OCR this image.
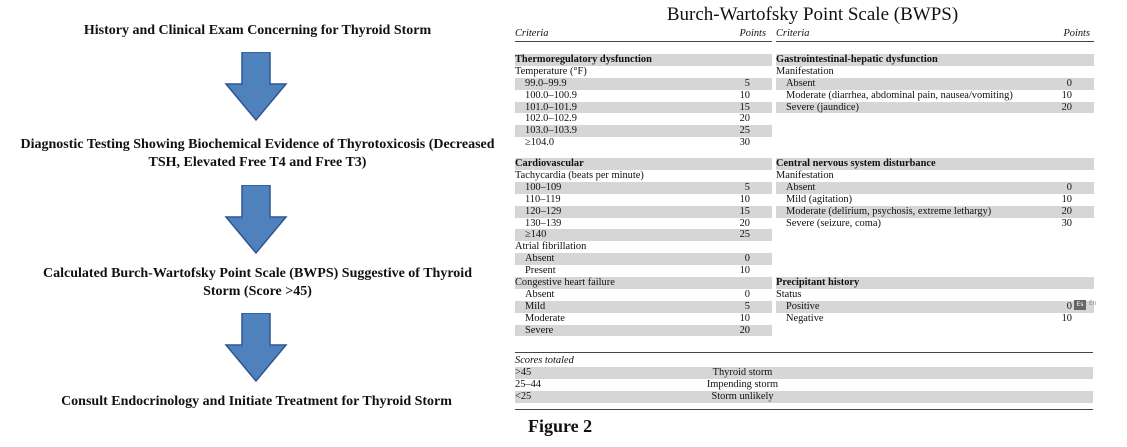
History and Clinical Exam Concerning for Thyroid Storm
Diagnostic Testing Showing Biochemical Evidence of Thyrotoxicosis (Decreased TSH, Elevated Free T4 and Free T3)
Calculated Burch-Wartofsky Point Scale (BWPS) Suggestive of Thyroid Storm (Score >45)
Consult Endocrinology and Initiate Treatment for Thyroid Storm
Burch-Wartofsky Point Scale (BWPS)
Criteria	Points
Thermoregulatory dysfunction
Temperature (°F)
99.0–99.9	5
100.0–100.9	10
101.0–101.9	15
102.0–102.9	20
103.0–103.9	25
≥104.0	30
Cardiovascular
Tachycardia (beats per minute)
100–109	5
110–119	10
120–129	15
130–139	20
≥140	25
Atrial fibrillation
Absent	0
Present	10
Congestive heart failure
Absent	0
Mild	5
Moderate	10
Severe	20
Criteria	Points
Gastrointestinal-hepatic dysfunction
Manifestation
Absent	0
Moderate (diarrhea, abdominal pain, nausea/vomiting)	10
Severe (jaundice)	20
Central nervous system disturbance
Manifestation
Absent	0
Mild (agitation)	10
Moderate (delirium, psychosis, extreme lethargy)	20
Severe (seizure, coma)	30
Precipitant history
Status
Positive	0
Negative	10
Scores totaled
>45	Thyroid storm
25–44	Impending storm
<25	Storm unlikely
Es En
Figure 2
